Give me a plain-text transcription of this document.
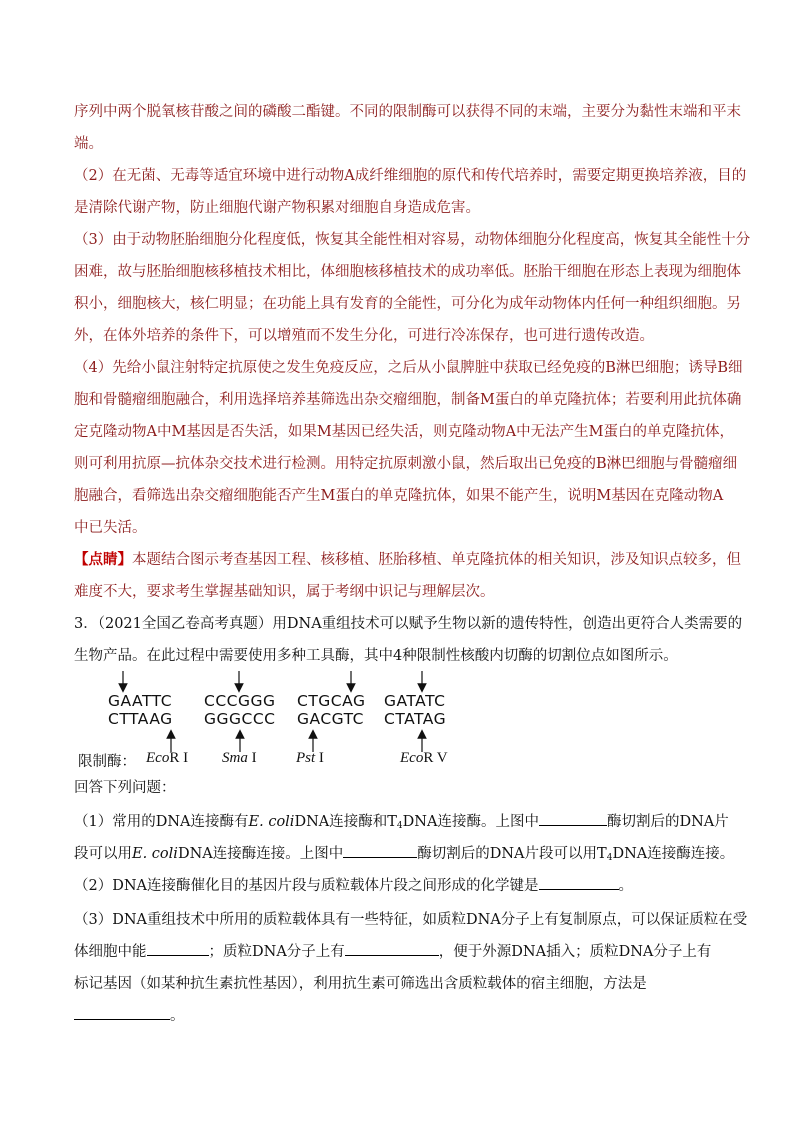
序列中两个脱氧核苷酸之间的磷酸二酯键。不同的限制酶可以获得不同的末端，主要分为黏性末端和平末
端。
（2）在无菌、无毒等适宜环境中进行动物A成纤维细胞的原代和传代培养时，需要定期更换培养液，目的
是清除代谢产物，防止细胞代谢产物积累对细胞自身造成危害。
（3）由于动物胚胎细胞分化程度低，恢复其全能性相对容易，动物体细胞分化程度高，恢复其全能性十分
困难，故与胚胎细胞核移植技术相比，体细胞核移植技术的成功率低。胚胎干细胞在形态上表现为细胞体
积小，细胞核大，核仁明显；在功能上具有发育的全能性，可分化为成年动物体内任何一种组织细胞。另
外，在体外培养的条件下，可以增殖而不发生分化，可进行冷冻保存，也可进行遗传改造。
（4）先给小鼠注射特定抗原使之发生免疫反应，之后从小鼠脾脏中获取已经免疫的B淋巴细胞；诱导B细
胞和骨髓瘤细胞融合，利用选择培养基筛选出杂交瘤细胞，制备M蛋白的单克隆抗体；若要利用此抗体确
定克隆动物A中M基因是否失活，如果M基因已经失活，则克隆动物A中无法产生M蛋白的单克隆抗体，
则可利用抗原—抗体杂交技术进行检测。用特定抗原刺激小鼠，然后取出已免疫的B淋巴细胞与骨髓瘤细
胞融合，看筛选出杂交瘤细胞能否产生M蛋白的单克隆抗体，如果不能产生，说明M基因在克隆动物A
中已失活。
【点睛】本题结合图示考查基因工程、核移植、胚胎移植、单克隆抗体的相关知识，涉及知识点较多，但
难度不大，要求考生掌握基础知识，属于考纲中识记与理解层次。
3．（2021全国乙卷高考真题）用DNA重组技术可以赋予生物以新的遗传特性，创造出更符合人类需要的
生物产品。在此过程中需要使用多种工具酶，其中4种限制性核酸内切酶的切割位点如图所示。
GAATTC CCCGGG CTGCAG GATATC
CTTAAG GGGCCC GACGTC CTATAG
限制酶： EcoR I Sma I	Pst I	EcoR V
回答下列问题：
（1）常用的DNA连接酶有E. coliDNA连接酶和$T_4DNA$连接酶。上图中	酶切割后的DNA片
段可以用E. coliDNA连接酶连接。上图中	酶切割后的DNA片段可以用$T_4DNA$连接酶连接。
（2）DNA连接酶催化目的基因片段与质粒载体片段之间形成的化学键是	。
（3）DNA重组技术中所用的质粒载体具有一些特征，如质粒DNA分子上有复制原点，可以保证质粒在受
体细胞中能	；质粒DNA分子上有	，便于外源DNA插入；质粒DNA分子上有
标记基因（如某种抗生素抗性基因），利用抗生素可筛选出含质粒载体的宿主细胞，方法是
。
